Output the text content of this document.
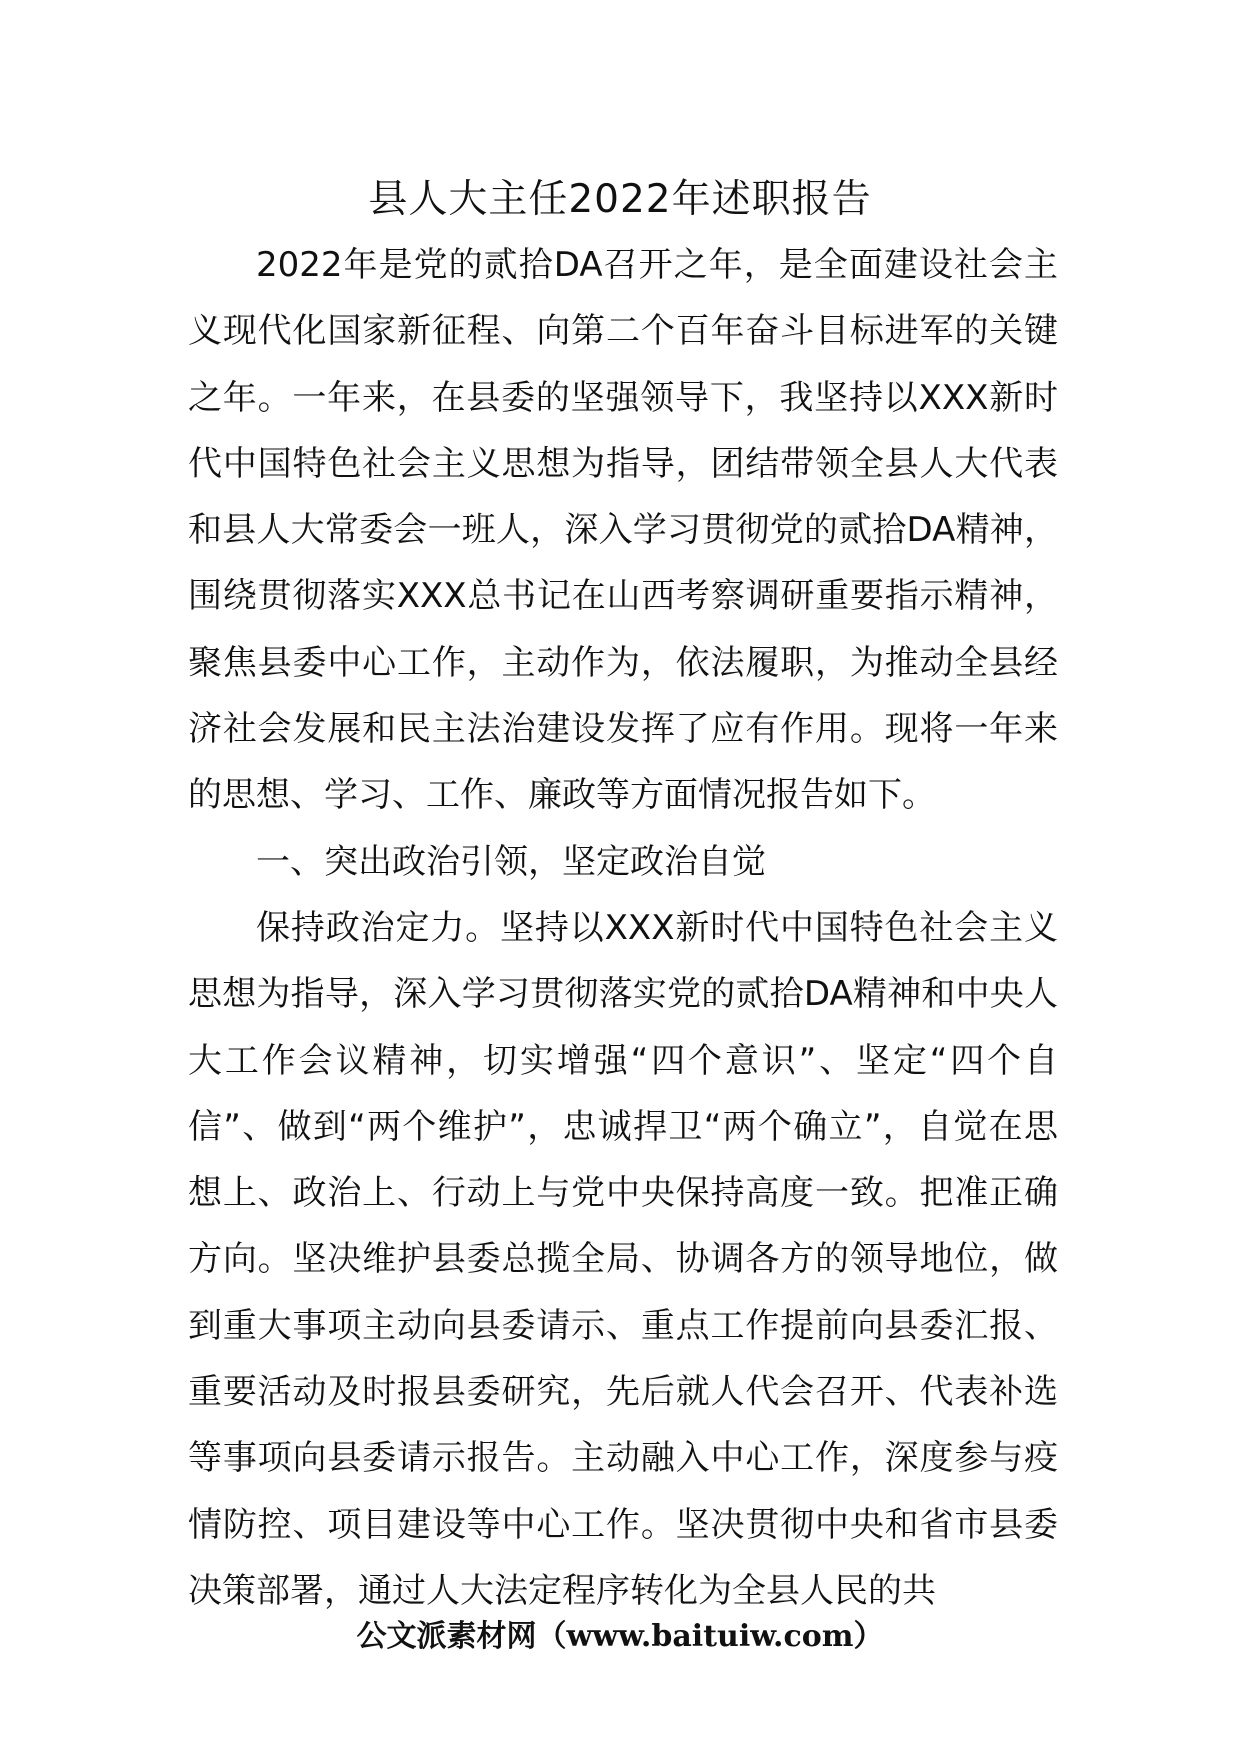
县人大主任2022年述职报告

2022年是党的贰拾DA召开之年，是全面建设社会主义现代化国家新征程、向第二个百年奋斗目标进军的关键之年。一年来，在县委的坚强领导下，我坚持以XXX新时代中国特色社会主义思想为指导，团结带领全县人大代表和县人大常委会一班人，深入学习贯彻党的贰拾DA精神，围绕贯彻落实XXX总书记在山西考察调研重要指示精神，聚焦县委中心工作，主动作为，依法履职，为推动全县经济社会发展和民主法治建设发挥了应有作用。现将一年来的思想、学习、工作、廉政等方面情况报告如下。

一、突出政治引领，坚定政治自觉

保持政治定力。坚持以XXX新时代中国特色社会主义思想为指导，深入学习贯彻落实党的贰拾DA精神和中央人大工作会议精神，切实增强“四个意识”、坚定“四个自信”、做到“两个维护”，忠诚捍卫“两个确立”，自觉在思想上、政治上、行动上与党中央保持高度一致。把准正确方向。坚决维护县委总揽全局、协调各方的领导地位，做到重大事项主动向县委请示、重点工作提前向县委汇报、重要活动及时报县委研究，先后就人代会召开、代表补选等事项向县委请示报告。主动融入中心工作，深度参与疫情防控、项目建设等中心工作。坚决贯彻中央和省市县委决策部署，通过人大法定程序转化为全县人民的共

公文派素材网（www.baituiw.com）
